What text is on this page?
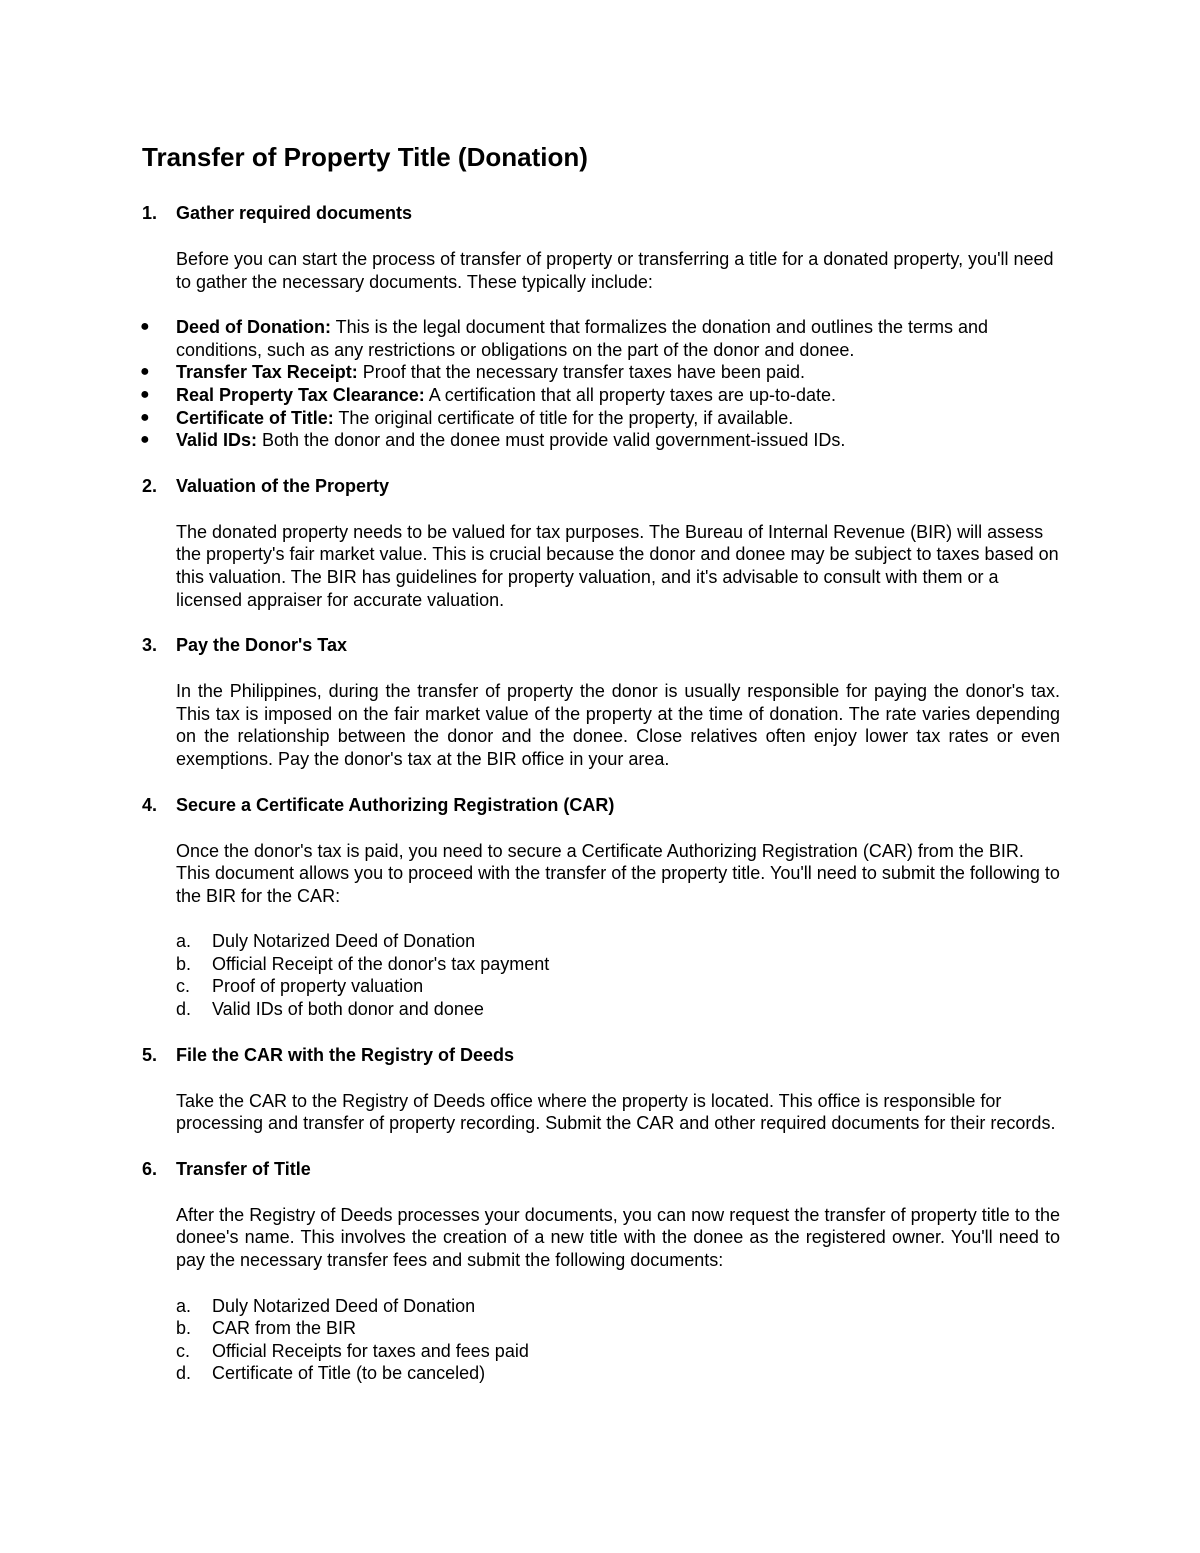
Transfer of Property Title (Donation)
1.	Gather required documents

Before you can start the process of transfer of property or transferring a title for a donated property, you'll need to gather the necessary documents. These typically include:

●	Deed of Donation: This is the legal document that formalizes the donation and outlines the terms and conditions, such as any restrictions or obligations on the part of the donor and donee.
●	Transfer Tax Receipt: Proof that the necessary transfer taxes have been paid.
●	Real Property Tax Clearance: A certification that all property taxes are up-to-date.
●	Certificate of Title: The original certificate of title for the property, if available.
●	Valid IDs: Both the donor and the donee must provide valid government-issued IDs.
2.	Valuation of the Property

The donated property needs to be valued for tax purposes. The Bureau of Internal Revenue (BIR) will assess the property's fair market value. This is crucial because the donor and donee may be subject to taxes based on this valuation. The BIR has guidelines for property valuation, and it's advisable to consult with them or a licensed appraiser for accurate valuation.

3.	Pay the Donor's Tax

In the Philippines, during the transfer of property the donor is usually responsible for paying the donor's tax. This tax is imposed on the fair market value of the property at the time of donation. The rate varies depending on the relationship between the donor and the donee. Close relatives often enjoy lower tax rates or even exemptions. Pay the donor's tax at the BIR office in your area.

4.	Secure a Certificate Authorizing Registration (CAR)

Once the donor's tax is paid, you need to secure a Certificate Authorizing Registration (CAR) from the BIR. This document allows you to proceed with the transfer of the property title. You'll need to submit the following to the BIR for the CAR:

a.	Duly Notarized Deed of Donation
b.	Official Receipt of the donor's tax payment
c.	Proof of property valuation
d.	Valid IDs of both donor and donee
5.	File the CAR with the Registry of Deeds

Take the CAR to the Registry of Deeds office where the property is located. This office is responsible for processing and transfer of property recording. Submit the CAR and other required documents for their records.

6.	Transfer of Title

After the Registry of Deeds processes your documents, you can now request the transfer of property title to the donee's name. This involves the creation of a new title with the donee as the registered owner. You'll need to pay the necessary transfer fees and submit the following documents:

a.	Duly Notarized Deed of Donation
b.	CAR from the BIR
c.	Official Receipts for taxes and fees paid
d.	Certificate of Title (to be canceled)
